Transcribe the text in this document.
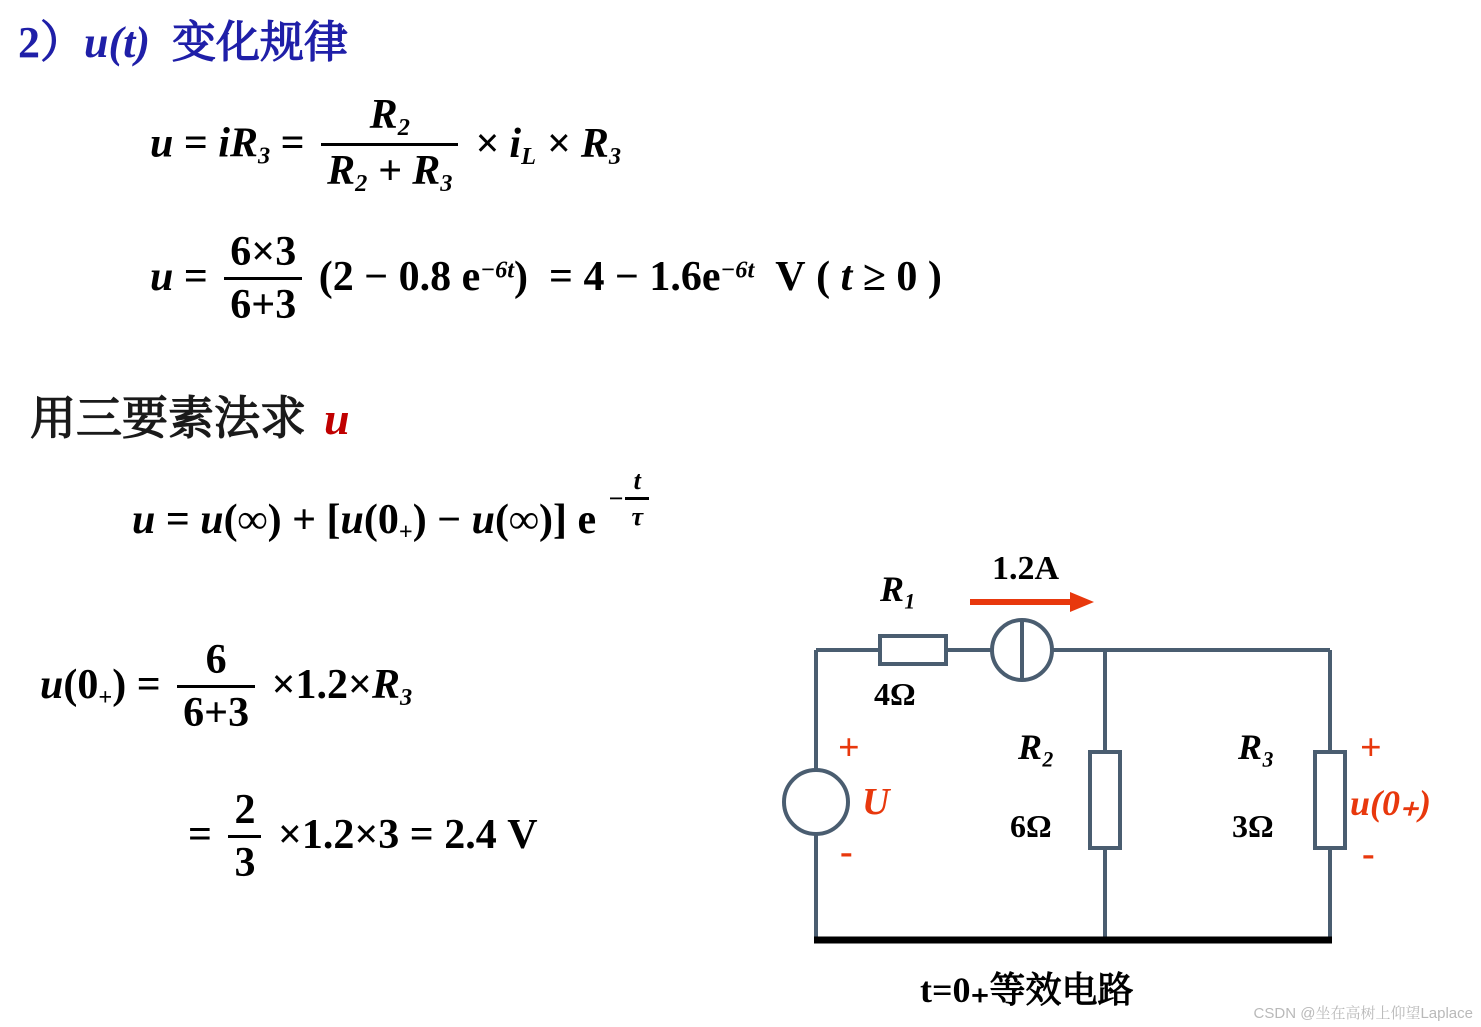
2）u(t) 变化规律
$u = iR_3 = \frac{R_2}{R_2 + R_3} \times i_L \times R_3$
$u = \frac{6\times 3}{6+3} (2 - 0.8$ $e^{-6t}) = 4 - 1.6e^{-6t}$ V ( t ≥ 0 )
用三要素法求 u
$u = u(\infty) + [u(0_+) - u(\infty)]$ e $^{- \frac{t}{\tau}}$
$u(0_+) = \frac{6}{6+3} \times 1.2\times R_3$
= $\frac{2}{3} \times 1.2\times 3 = 2.4$ V
R₁
4Ω
1.2A
R₂
6Ω
R₃
3Ω
+
U
-
+
u(0₊)
-
t=0₊等效电路
CSDN @坐在高树上仰望Laplace
